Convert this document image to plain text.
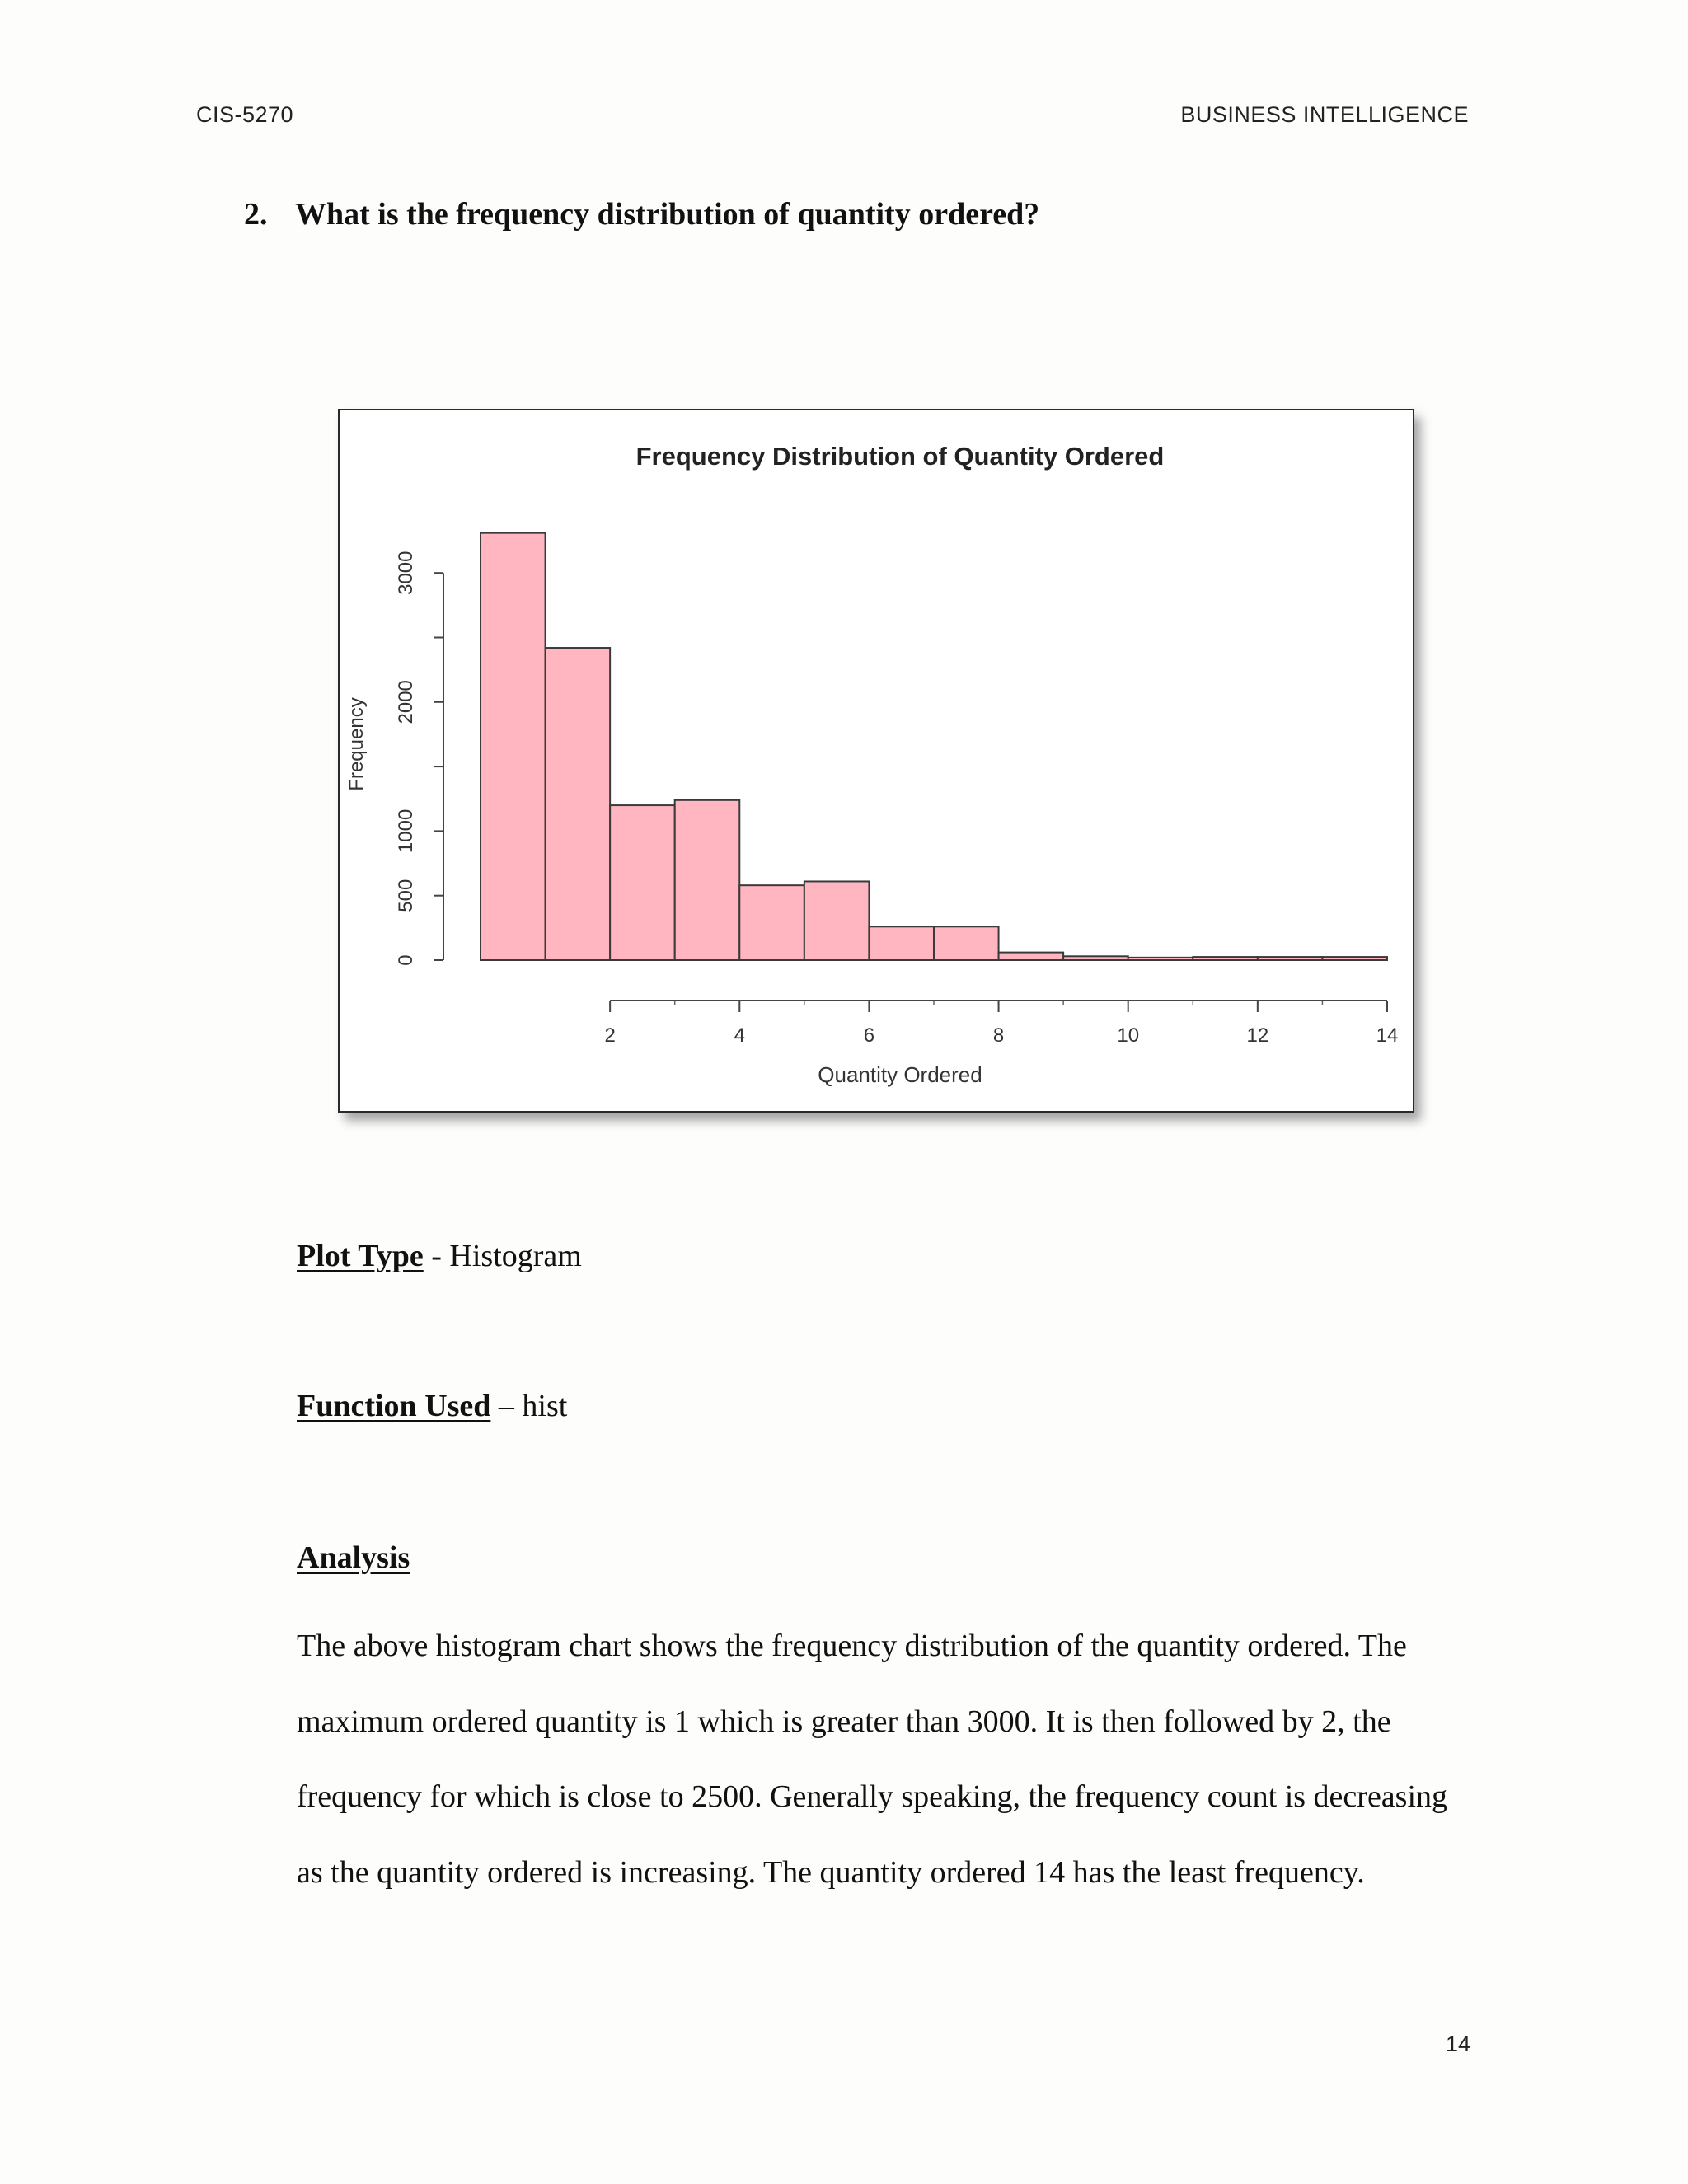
CIS-5270	BUSINESS INTELLIGENCE
2. What is the frequency distribution of quantity ordered?
Frequency Distribution of Quantity Ordered
Quantity Ordered
Frequency
2	4	6	8	10	12	14
0
500
1000
2000
3000
Plot Type - Histogram
Function Used – hist
Analysis

The above histogram chart shows the frequency distribution of the quantity ordered. The maximum ordered quantity is 1 which is greater than 3000. It is then followed by 2, the frequency for which is close to 2500. Generally speaking, the frequency count is decreasing as the quantity ordered is increasing. The quantity ordered 14 has the least frequency.

14
